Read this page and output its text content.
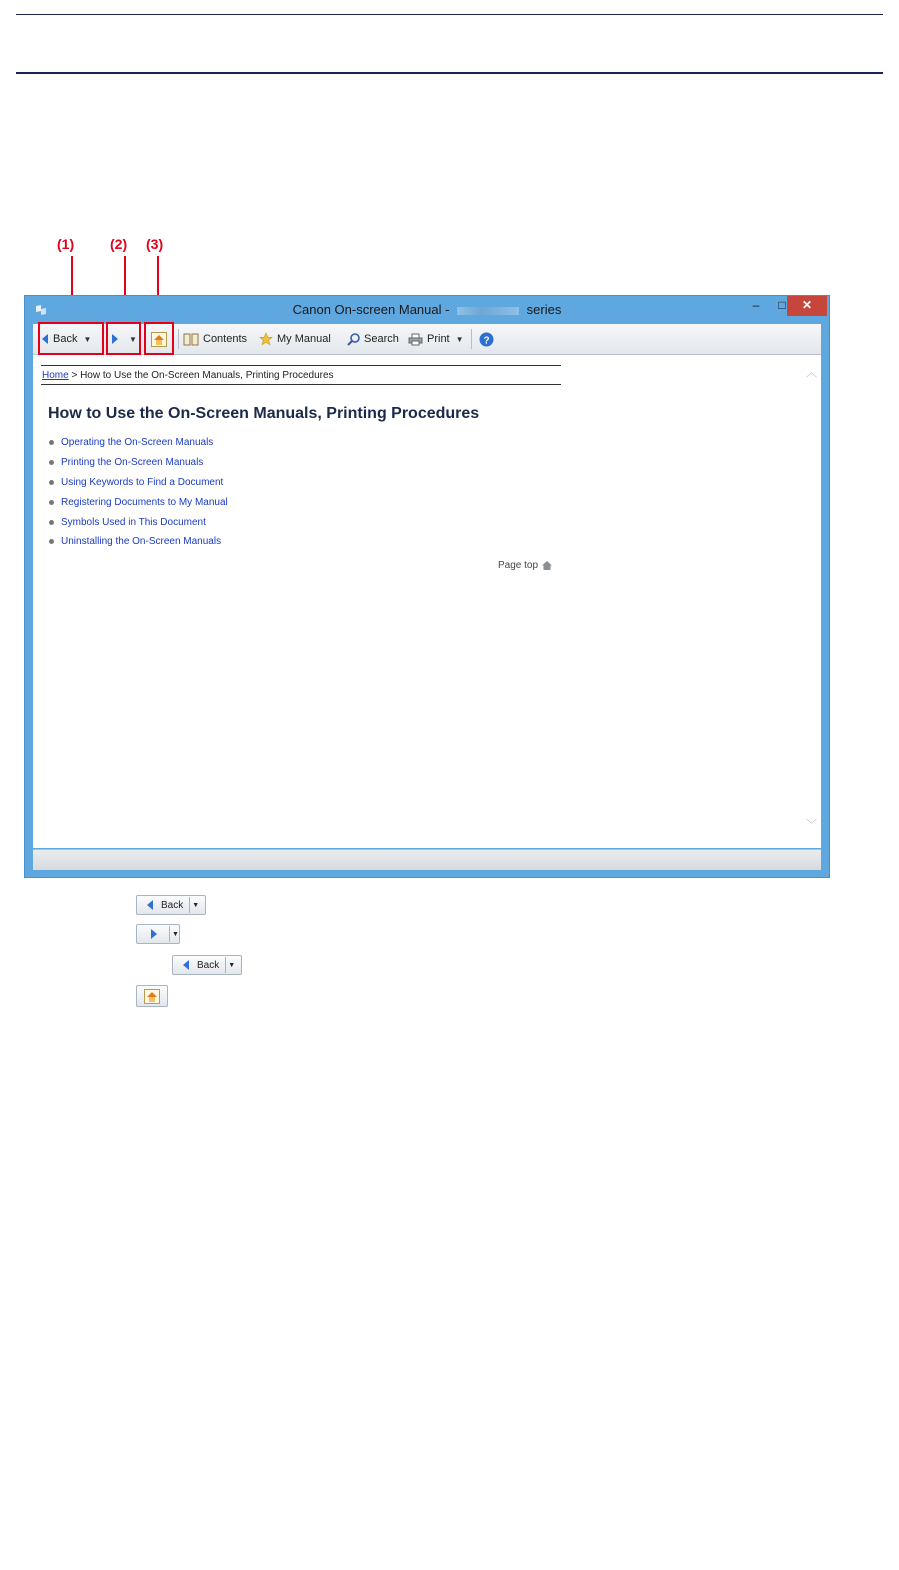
(1)	(2) (3)
Canon On-screen Manual -	series	–	□	✕
Back ▼	▼	Contents	My Manual	Search	Print ▼ ?
Home > How to Use the On-Screen Manuals, Printing Procedures
How to Use the On-Screen Manuals, Printing Procedures
Operating the On-Screen Manuals
Printing the On-Screen Manuals
Using Keywords to Find a Document
Registering Documents to My Manual
Symbols Used in This Document
Uninstalling the On-Screen Manuals
Page top
︿
﹀
Back ▼
▼
Back ▼
